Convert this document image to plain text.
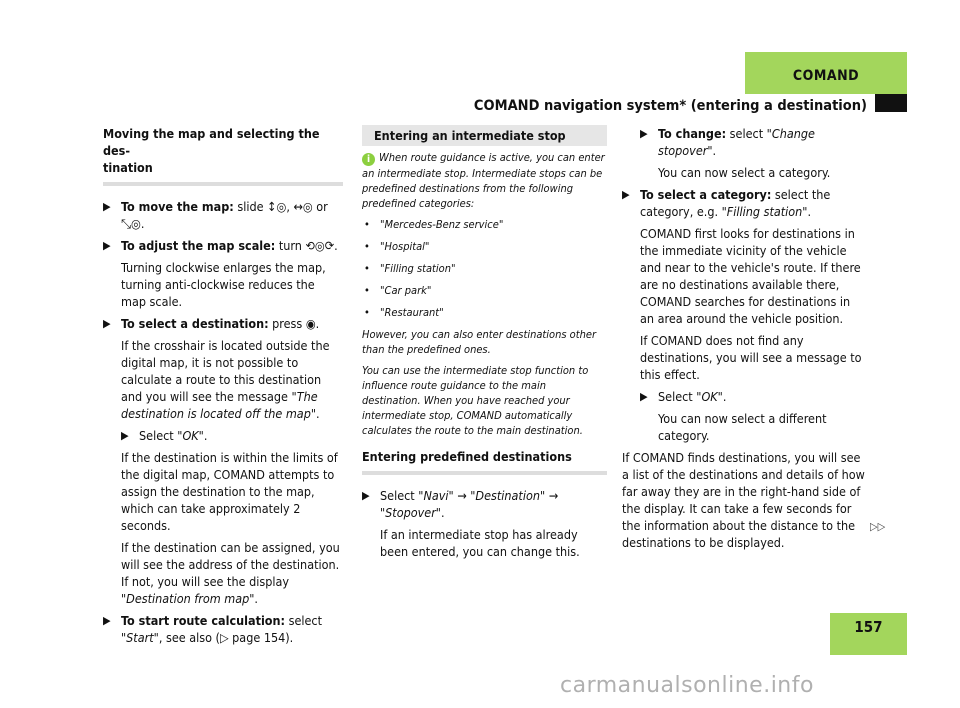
COMAND
COMAND navigation system* (entering a destination)
Moving the map and selecting the des-
tination
▶ To move the map: slide ↕◎, ↔◎ or ⤡◎.
▶ To adjust the map scale: turn ⟲◎⟳.
Turning clockwise enlarges the map, turning anti-clockwise reduces the map scale.
▶ To select a destination: press ◉.
If the crosshair is located outside the digital map, it is not possible to calculate a route to this destination and you will see the message "The destination is located off the map".
▶ Select "OK".
If the destination is within the limits of the digital map, COMAND attempts to assign the destination to the map, which can take approximately 2 seconds.
If the destination can be assigned, you will see the address of the destination. If not, you will see the display "Destination from map".
▶ To start route calculation: select "Start", see also (▷ page 154).
Entering an intermediate stop
i When route guidance is active, you can enter an intermediate stop. Intermediate stops can be predefined destinations from the following predefined categories:
• "Mercedes-Benz service"
• "Hospital"
• "Filling station"
• "Car park"
• "Restaurant"
However, you can also enter destinations other than the predefined ones.
You can use the intermediate stop function to influence route guidance to the main destination. When you have reached your intermediate stop, COMAND automatically calculates the route to the main destination.
Entering predefined destinations
▶ Select "Navi" → "Destination" → "Stopover".
If an intermediate stop has already been entered, you can change this.
▶ To change: select "Change stopover".
You can now select a category.
▶ To select a category: select the category, e.g. "Filling station".
COMAND first looks for destinations in the immediate vicinity of the vehicle and near to the vehicle's route. If there are no destinations available there, COMAND searches for destinations in an area around the vehicle position.
If COMAND does not find any destinations, you will see a message to this effect.
▶ Select "OK".
You can now select a different category.
If COMAND finds destinations, you will see a list of the destinations and details of how far away they are in the right-hand side of the display. It can take a few seconds for the information about the distance to the destinations to be displayed.
▷▷
157
carmanualsonline.info
